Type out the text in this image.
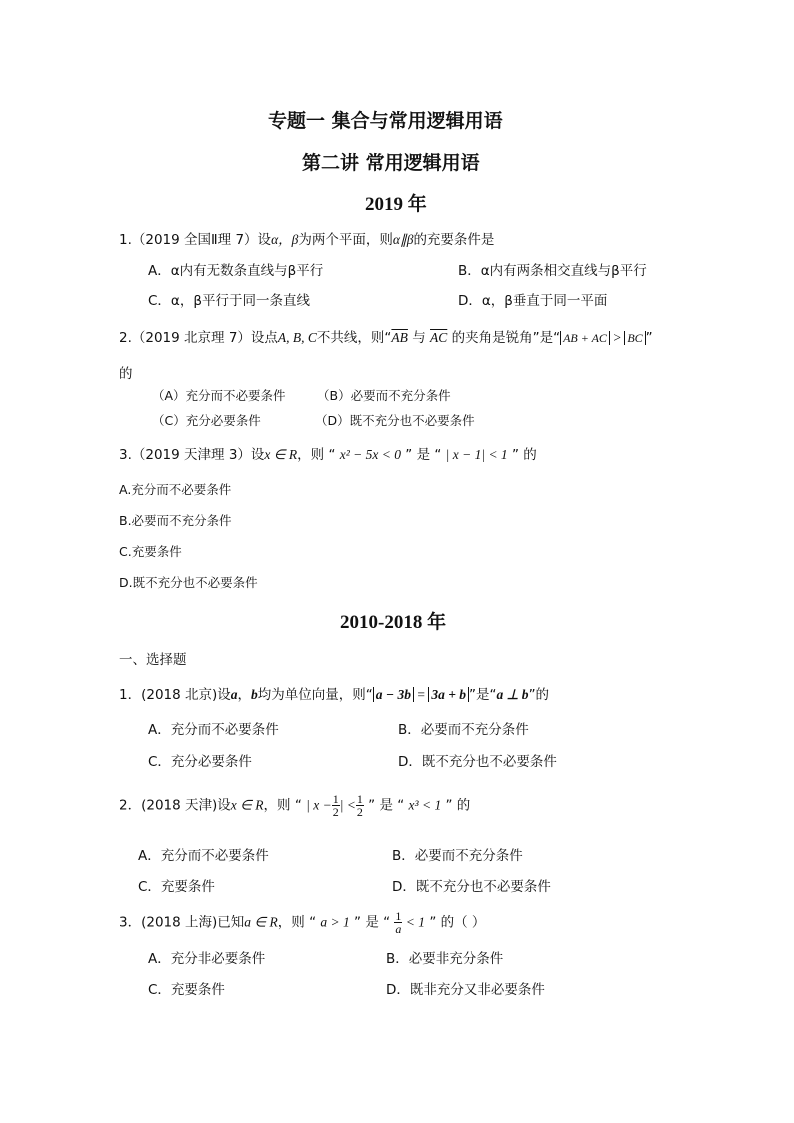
专题一 集合与常用逻辑用语
第二讲 常用逻辑用语
2019 年
1.（2019 全国Ⅱ理 7）设α，β为两个平面，则α∥β的充要条件是
A．α内有无数条直线与β平行	B．α内有两条相交直线与β平行
C．α，β平行于同一条直线	D．α，β垂直于同一平面
2.（2019 北京理 7）设点A, B, C不共线，则“$\overline{AB}$ 与 $\overline{AC}$ 的夹角是锐角”是“ AB + AC > BC ”
的
（A）充分而不必要条件	（B）必要而不充分条件
（C）充分必要条件	（D）既不充分也不必要条件
3.（2019 天津理 3）设x ∈ R，则 “ x² − 5x < 0 ” 是 “ | x − 1| < 1 ” 的
A.充分而不必要条件
B.必要而不充分条件
C.充要条件
D.既不充分也不必要条件
2010-2018 年
一、选择题
1．(2018 北京)设a，b均为单位向量，则“ a − 3b = 3a + b ”是“a ⊥ b”的
A．充分而不必要条件	B．必要而不充分条件
C．充分必要条件	D．既不充分也不必要条件
2．(2018 天津)设x ∈ R，则 “ | $x - \frac{1}{2}$ | < $\frac{1}{2}$ ” 是 “ x³ < 1 ” 的
A．充分而不必要条件	B．必要而不充分条件
C．充要条件	D．既不充分也不必要条件
3．(2018 上海)已知a ∈ R，则 “ a > 1 ” 是 “ $\frac{1}{a} < 1$ ” 的（ ）
A．充分非必要条件	B．必要非充分条件
C．充要条件	D．既非充分又非必要条件
